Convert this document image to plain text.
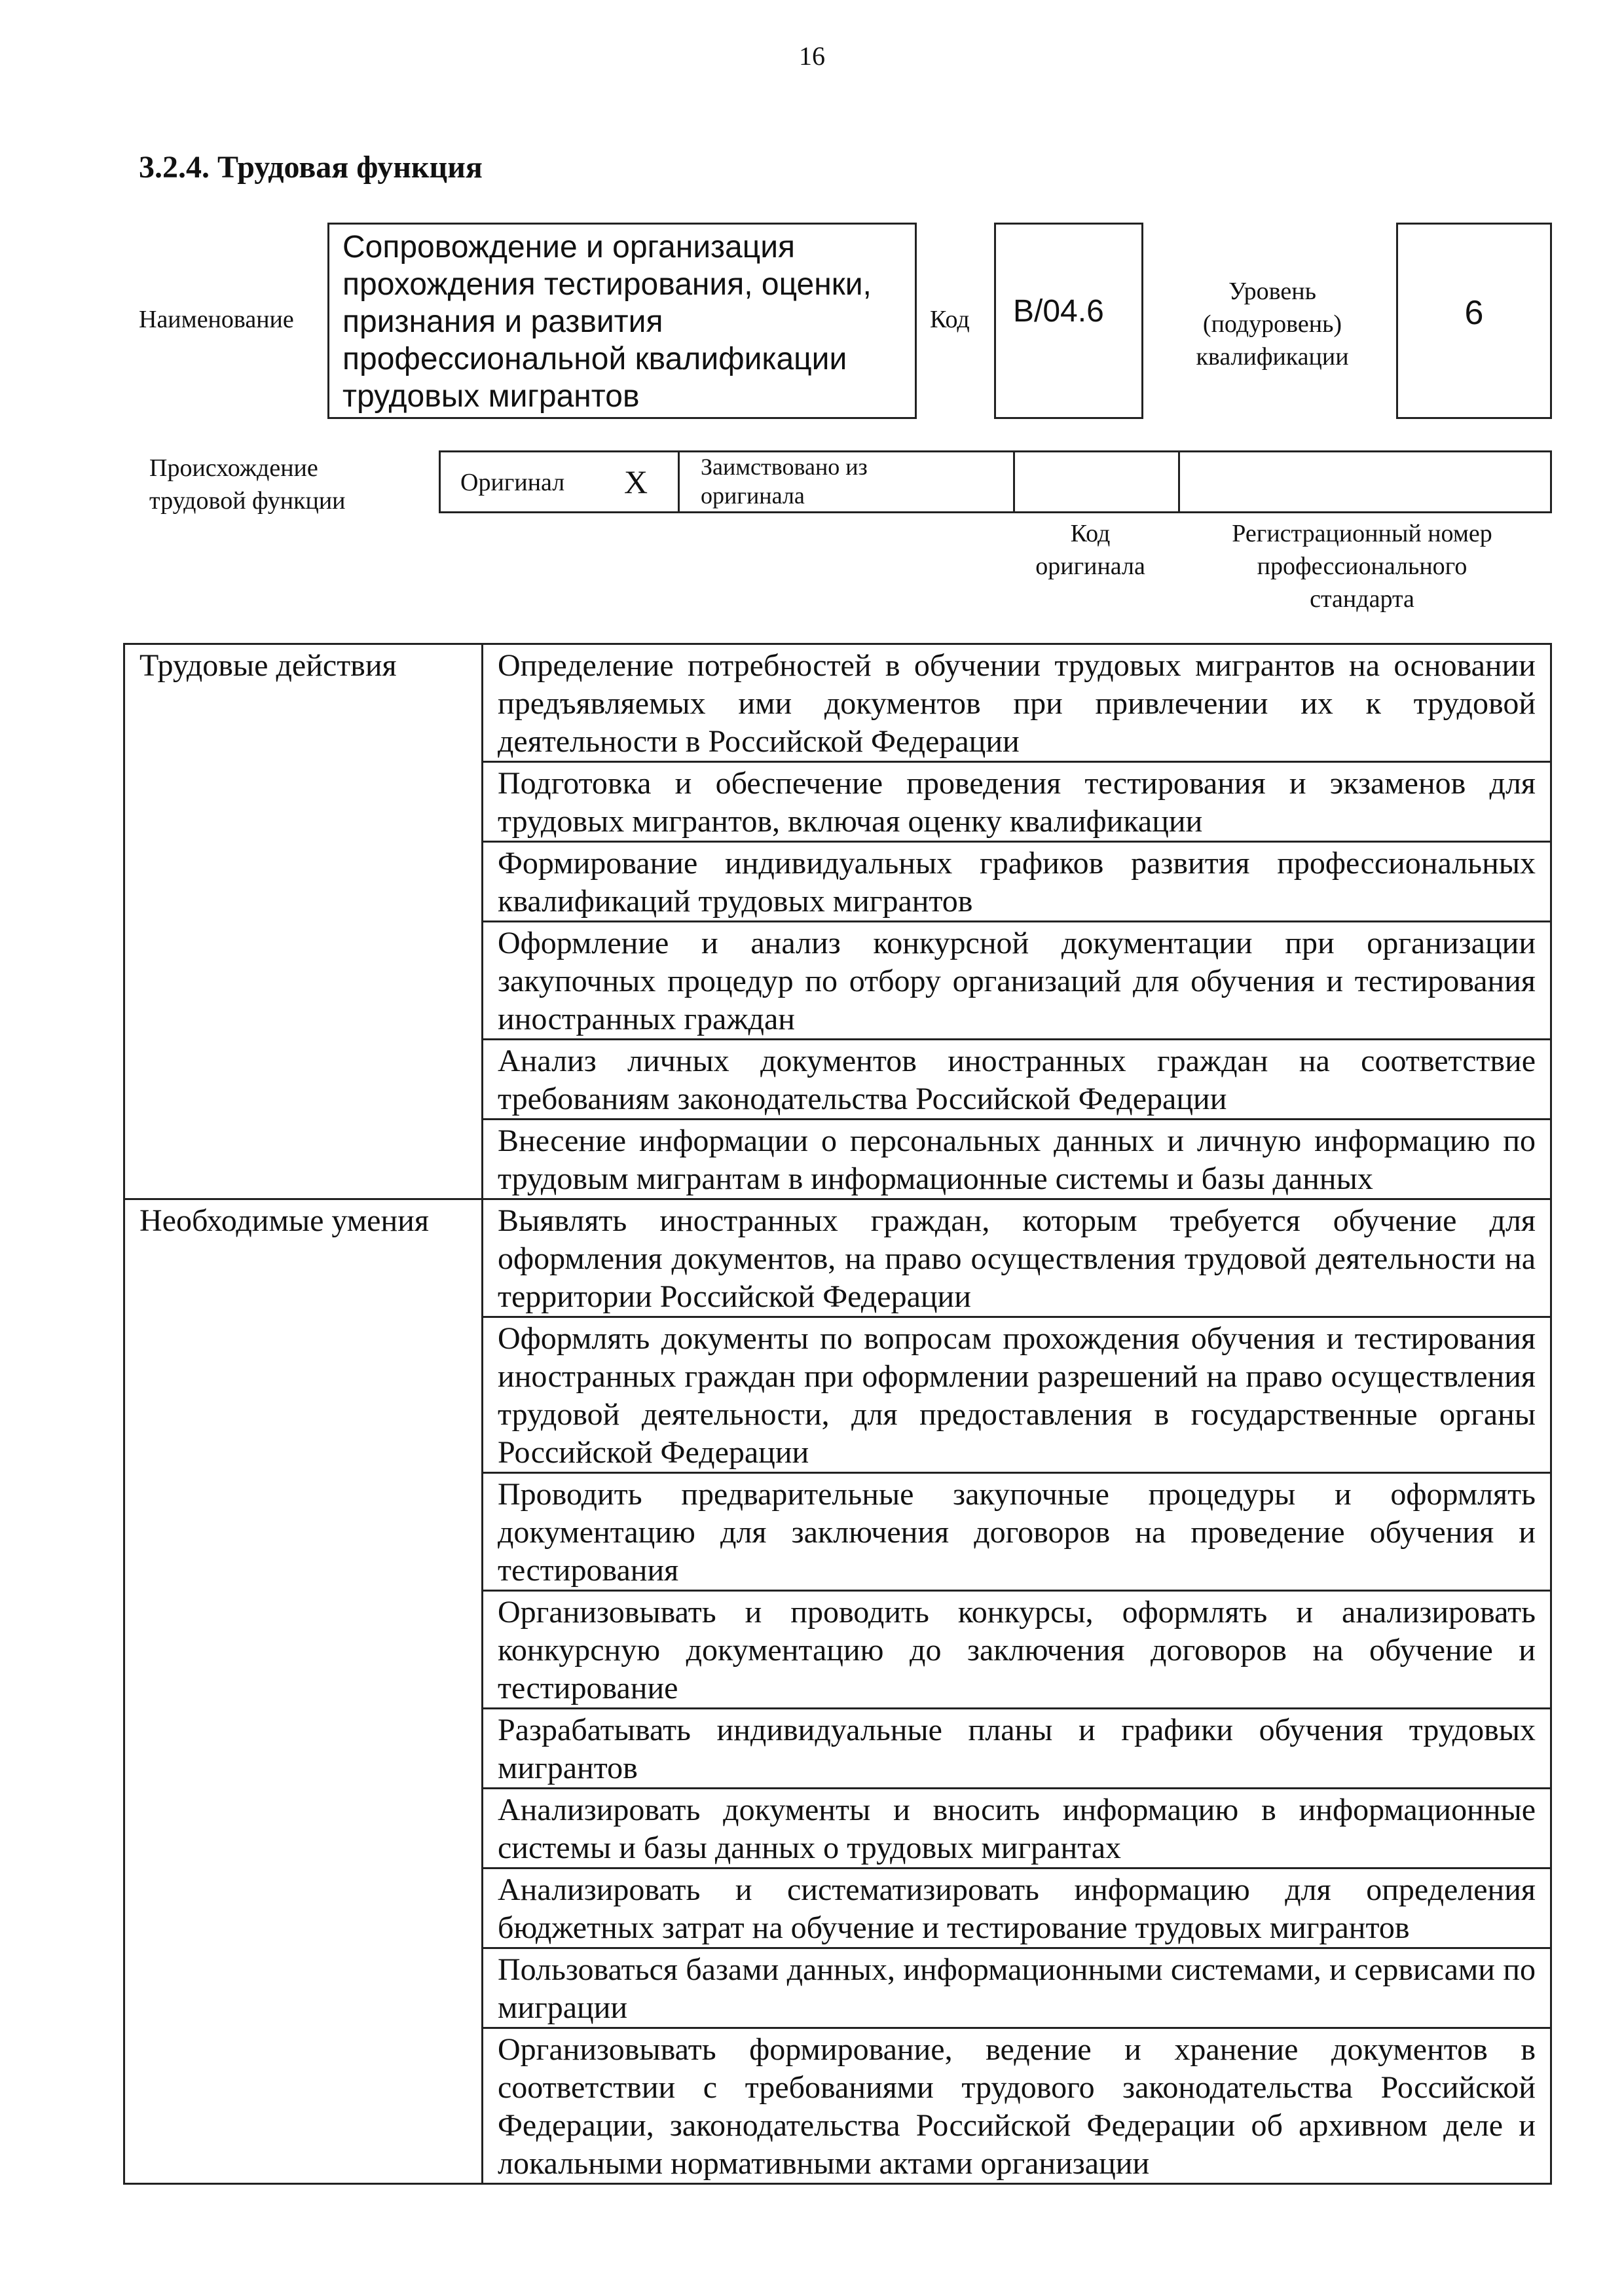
16
3.2.4. Трудовая функция
Наименование
Сопровождение и организация прохождения тестирования, оценки, признания и развития профессиональной квалификации трудовых мигрантов
Код	B/04.6
Уровень
(подуровень)
квалификации
6
Происхождение
трудовой функции
Оригинал X Заимствовано из
оригинала
Код
оригинала
Регистрационный номер
профессионального
стандарта
Трудовые действия	Определение потребностей в обучении трудовых мигрантов на основании предъявляемых ими документов при привлечении их к трудовой деятельности в Российской Федерации
	Подготовка и обеспечение проведения тестирования и экзаменов для трудовых мигрантов, включая оценку квалификации
	Формирование индивидуальных графиков развития профессиональных квалификаций трудовых мигрантов
	Оформление и анализ конкурсной документации при организации закупочных процедур по отбору организаций для обучения и тестирования иностранных граждан
	Анализ личных документов иностранных граждан на соответствие требованиям законодательства Российской Федерации
	Внесение информации о персональных данных и личную информацию по трудовым мигрантам в информационные системы и базы данных
Необходимые умения	Выявлять иностранных граждан, которым требуется обучение для оформления документов, на право осуществления трудовой деятельности на территории Российской Федерации
	Оформлять документы по вопросам прохождения обучения и тестирования иностранных граждан при оформлении разрешений на право осуществления трудовой деятельности, для предоставления в государственные органы Российской Федерации
	Проводить предварительные закупочные процедуры и оформлять документацию для заключения договоров на проведение обучения и тестирования
	Организовывать и проводить конкурсы, оформлять и анализировать конкурсную документацию до заключения договоров на обучение и тестирование
	Разрабатывать индивидуальные планы и графики обучения трудовых мигрантов
	Анализировать документы и вносить информацию в информационные системы и базы данных о трудовых мигрантах
	Анализировать и систематизировать информацию для определения бюджетных затрат на обучение и тестирование трудовых мигрантов
	Пользоваться базами данных, информационными системами, и сервисами по миграции
	Организовывать формирование, ведение и хранение документов в соответствии с требованиями трудового законодательства Российской Федерации, законодательства Российской Федерации об архивном деле и локальными нормативными актами организации
